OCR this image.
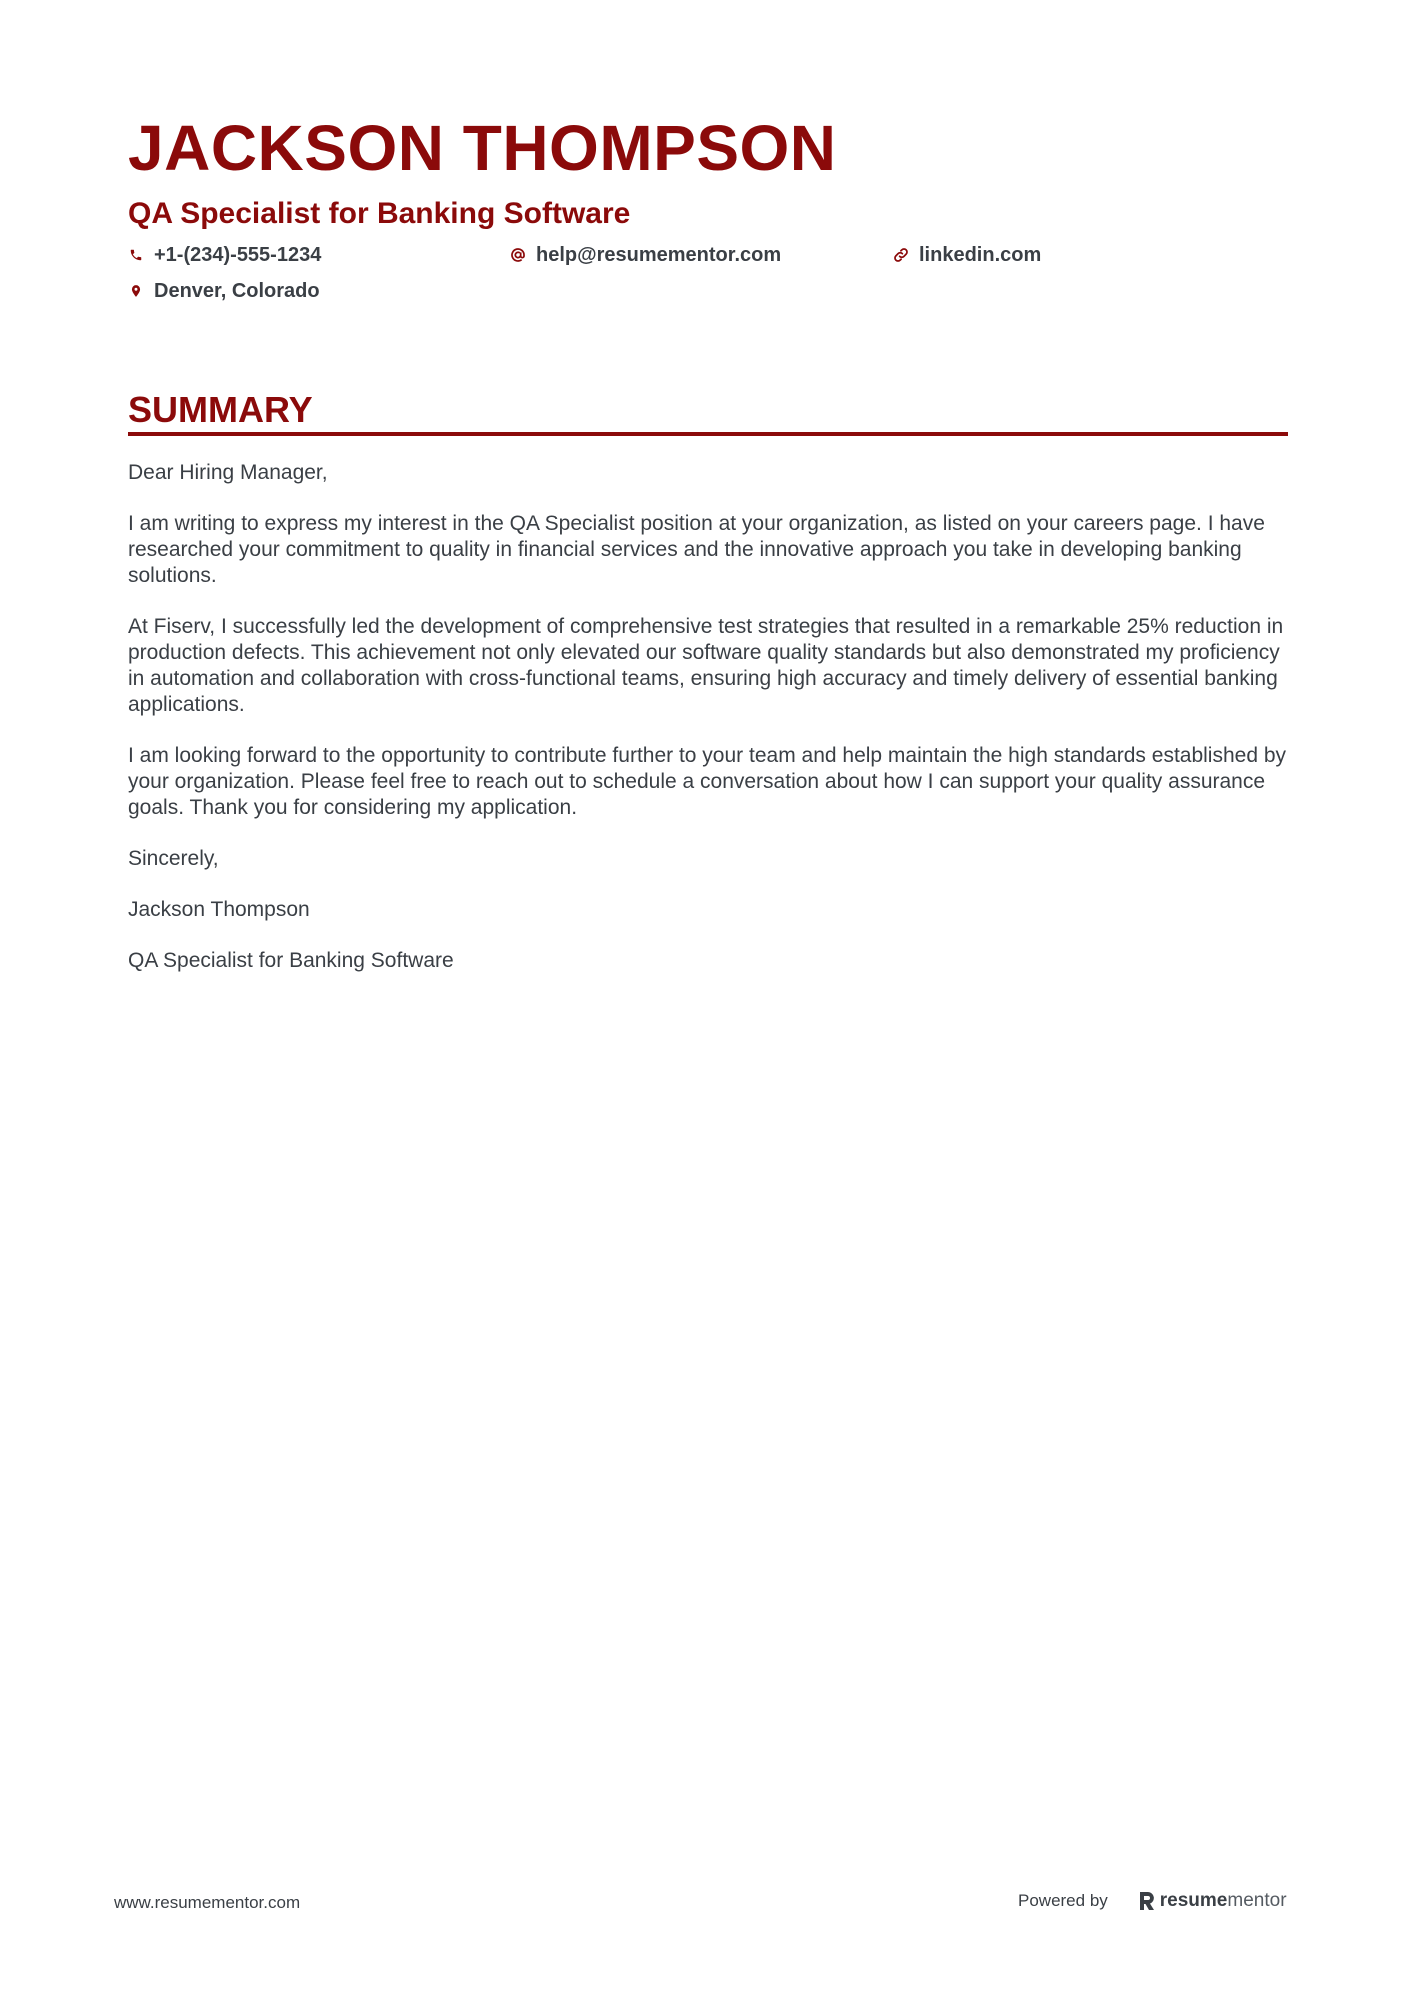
JACKSON THOMPSON
QA Specialist for Banking Software
+1-(234)-555-1234	help@resumementor.com	linkedin.com
Denver, Colorado
SUMMARY

Dear Hiring Manager,

I am writing to express my interest in the QA Specialist position at your organization, as listed on your careers page. I have researched your commitment to quality in financial services and the innovative approach you take in developing banking solutions.

At Fiserv, I successfully led the development of comprehensive test strategies that resulted in a remarkable 25% reduction in production defects. This achievement not only elevated our software quality standards but also demonstrated my proficiency in automation and collaboration with cross-functional teams, ensuring high accuracy and timely delivery of essential banking applications.

I am looking forward to the opportunity to contribute further to your team and help maintain the high standards established by your organization. Please feel free to reach out to schedule a conversation about how I can support your quality assurance goals. Thank you for considering my application.

Sincerely,

Jackson Thompson

QA Specialist for Banking Software

www.resumementor.com	Powered by	resume mentor
